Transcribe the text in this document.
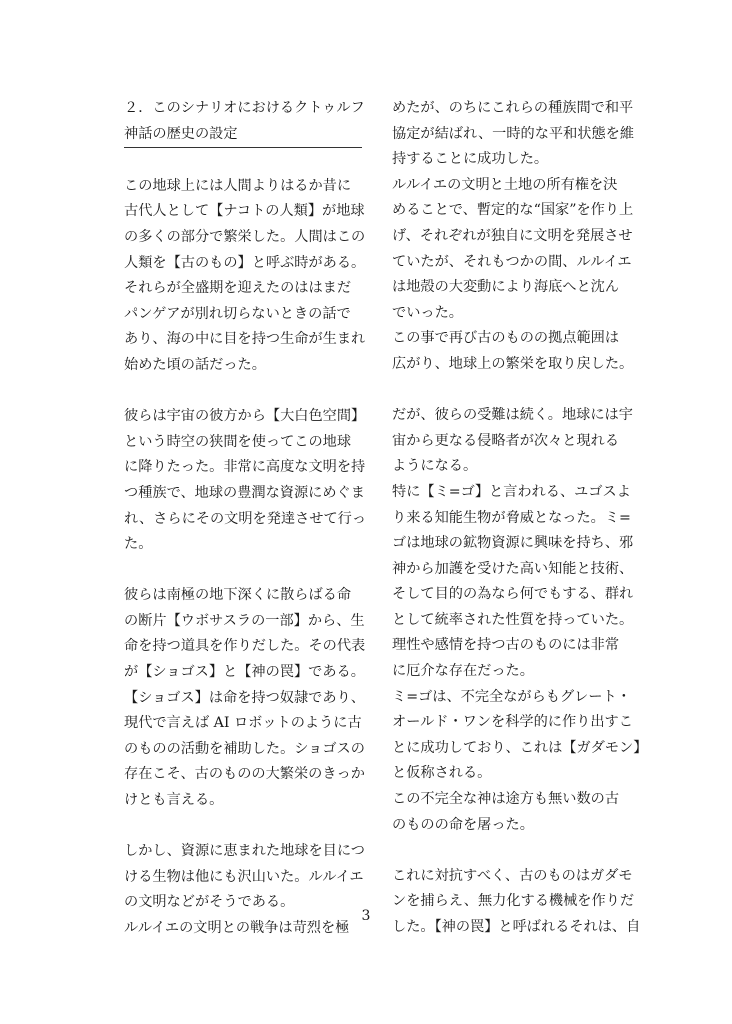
２．このシナリオにおけるクトゥルフ
神話の歴史の設定
この地球上には人間よりはるか昔に
古代人として【ナコトの人類】が地球
の多くの部分で繁栄した。人間はこの
人類を【古のもの】と呼ぶ時がある。
それらが全盛期を迎えたのははまだ
パンゲアが別れ切らないときの話で
あり、海の中に目を持つ生命が生まれ
始めた頃の話だった。
彼らは宇宙の彼方から【大白色空間】
という時空の狭間を使ってこの地球
に降りたった。非常に高度な文明を持
つ種族で、地球の豊潤な資源にめぐま
れ、さらにその文明を発達させて行っ
た。
彼らは南極の地下深くに散らばる命
の断片【ウボサスラの一部】から、生
命を持つ道具を作りだした。その代表
が【ショゴス】と【神の罠】である。
【ショゴス】は命を持つ奴隷であり、
現代で言えば AI ロボットのように古
のものの活動を補助した。ショゴスの
存在こそ、古のものの大繁栄のきっか
けとも言える。
しかし、資源に恵まれた地球を目につ
ける生物は他にも沢山いた。ルルイエ
の文明などがそうである。
ルルイエの文明との戦争は苛烈を極
めたが、のちにこれらの種族間で和平
協定が結ばれ、一時的な平和状態を維
持することに成功した。
ルルイエの文明と土地の所有権を決
めることで、暫定的な“国家”を作り上
げ、それぞれが独自に文明を発展させ
ていたが、それもつかの間、ルルイエ
は地殻の大変動により海底へと沈ん
でいった。
この事で再び古のものの拠点範囲は
広がり、地球上の繁栄を取り戻した。
だが、彼らの受難は続く。地球には宇
宙から更なる侵略者が次々と現れる
ようになる。
特に【ミ=ゴ】と言われる、ユゴスよ
り来る知能生物が脅威となった。ミ=
ゴは地球の鉱物資源に興味を持ち、邪
神から加護を受けた高い知能と技術、
そして目的の為なら何でもする、群れ
として統率された性質を持っていた。
理性や感情を持つ古のものには非常
に厄介な存在だった。
ミ=ゴは、不完全ながらもグレート・
オールド・ワンを科学的に作り出すこ
とに成功しており、これは【ガダモン】
と仮称される。
この不完全な神は途方も無い数の古
のものの命を屠った。
これに対抗すべく、古のものはガダモ
ンを捕らえ、無力化する機械を作りだ
した。【神の罠】と呼ばれるそれは、自
3
